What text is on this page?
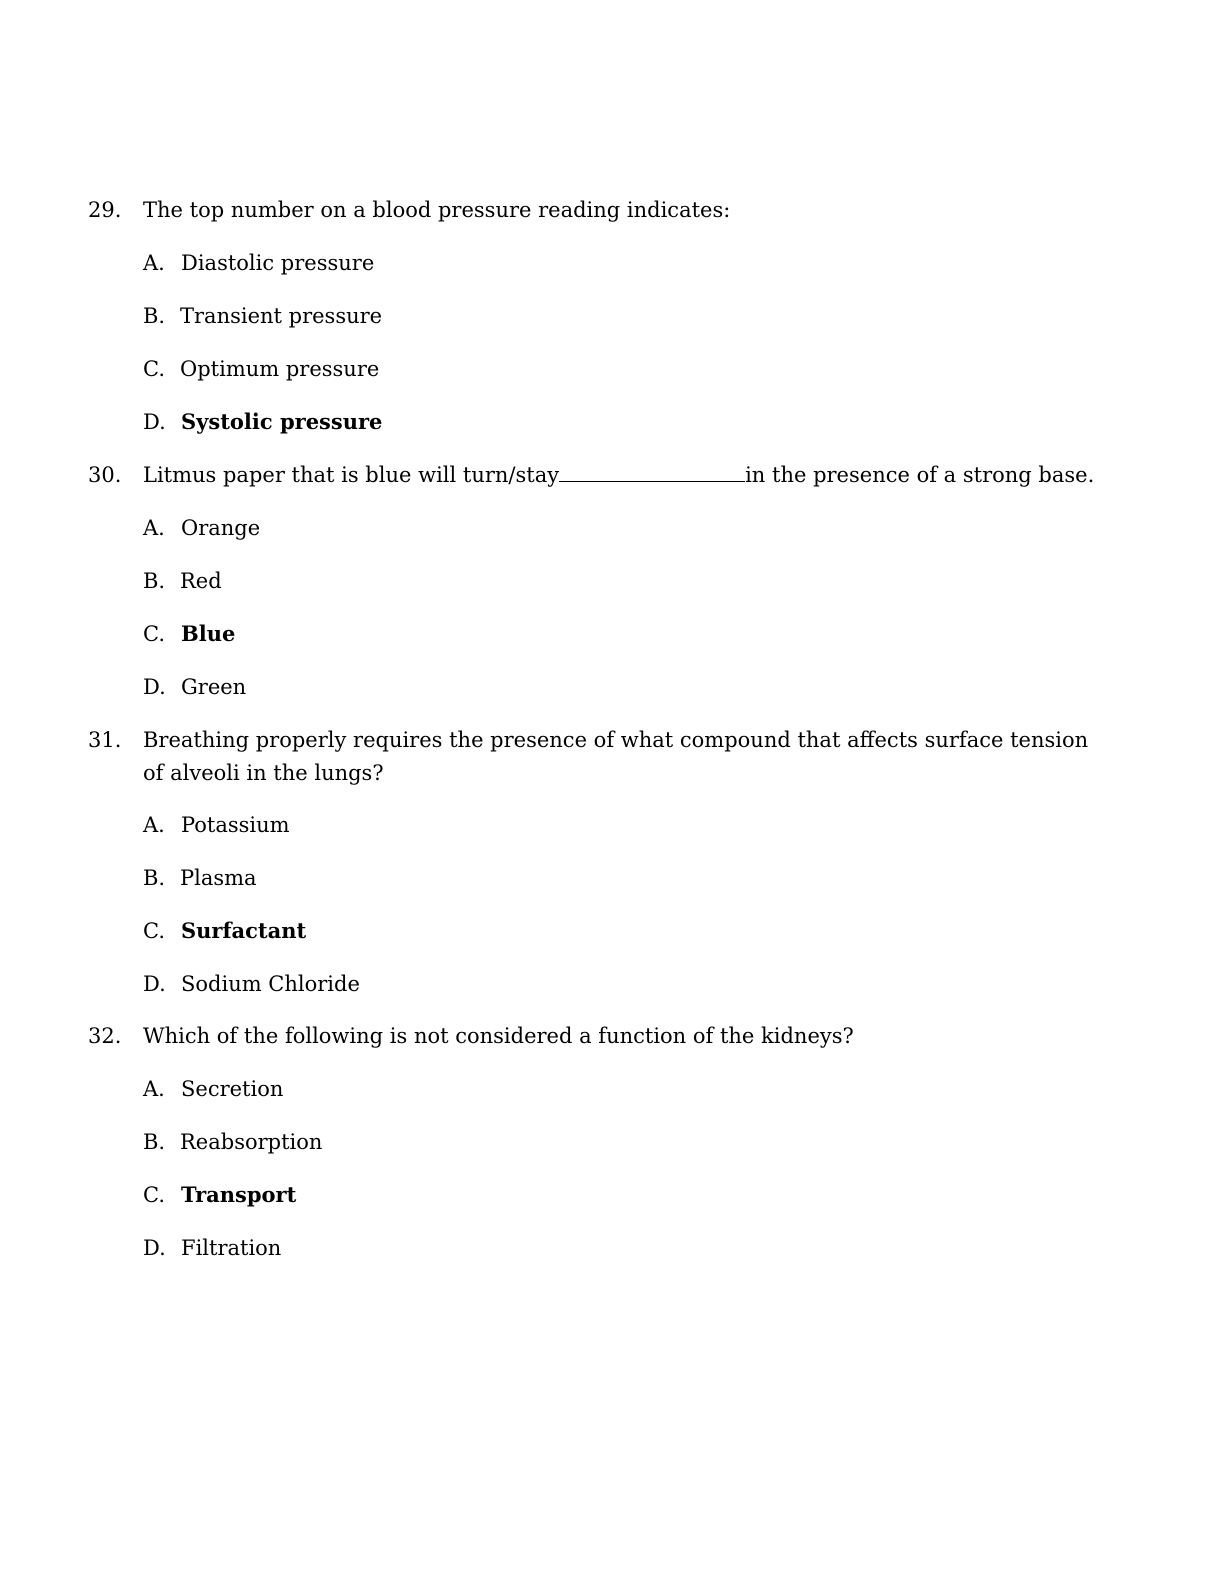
29. The top number on a blood pressure reading indicates:
A. Diastolic pressure
B. Transient pressure
C. Optimum pressure
D. Systolic pressure
30. Litmus paper that is blue will turn/stay	in the presence of a strong base.
A. Orange
B. Red
C. Blue
D. Green
31. Breathing properly requires the presence of what compound that affects surface tension
of alveoli in the lungs?
A. Potassium
B. Plasma
C. Surfactant
D. Sodium Chloride
32. Which of the following is not considered a function of the kidneys?
A. Secretion
B. Reabsorption
C. Transport
D. Filtration
